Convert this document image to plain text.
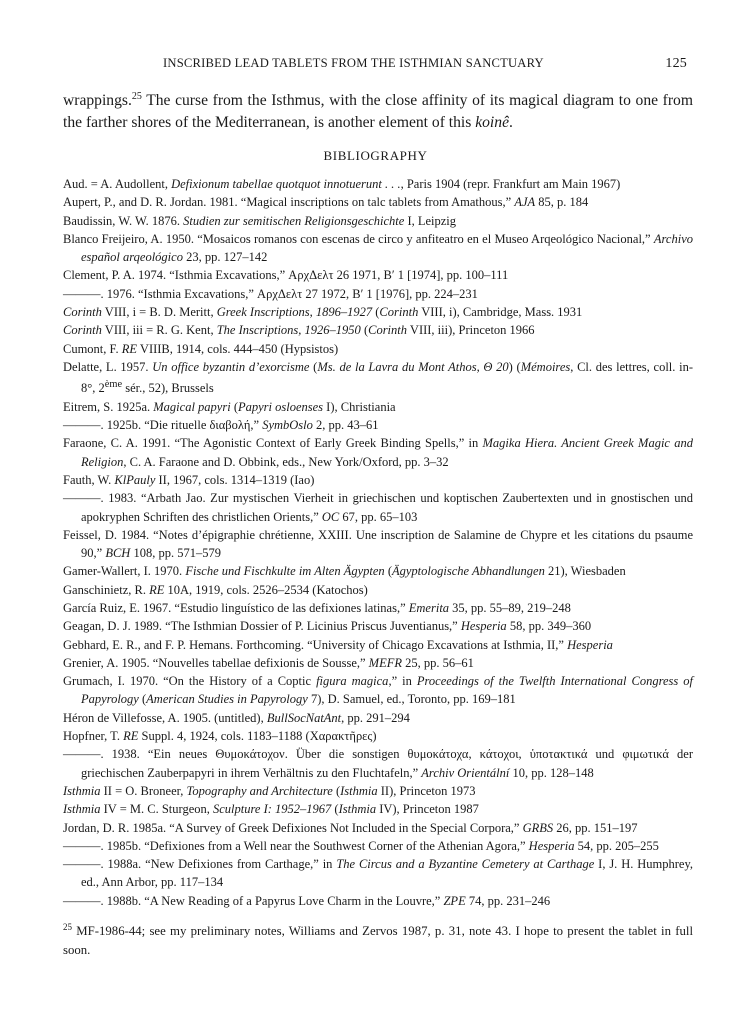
INSCRIBED LEAD TABLETS FROM THE ISTHMIAN SANCTUARY	125

wrappings.$^{25}$ The curse from the Isthmus, with the close affinity of its magical diagram to one from the farther shores of the Mediterranean, is another element of this koinê.

BIBLIOGRAPHY
Aud. = A. Audollent, Defixionum tabellae quotquot innotuerunt . . ., Paris 1904 (repr. Frankfurt am Main 1967)
Aupert, P., and D. R. Jordan. 1981. “Magical inscriptions on talc tablets from Amathous,” AJA 85, p. 184
Baudissin, W. W. 1876. Studien zur semitischen Religionsgeschichte I, Leipzig
Blanco Freijeiro, A. 1950. “Mosaicos romanos con escenas de circo y anfiteatro en el Museo Arqeológico Nacional,” Archivo español arqeológico 23, pp. 127–142
Clement, P. A. 1974. “Isthmia Excavations,” ΑρχΔελτ 26 1971, Β′ 1 [1974], pp. 100–111
———. 1976. “Isthmia Excavations,” ΑρχΔελτ 27 1972, Β′ 1 [1976], pp. 224–231
Corinth VIII, i = B. D. Meritt, Greek Inscriptions, 1896–1927 (Corinth VIII, i), Cambridge, Mass. 1931
Corinth VIII, iii = R. G. Kent, The Inscriptions, 1926–1950 (Corinth VIII, iii), Princeton 1966
Cumont, F. RE VIIIB, 1914, cols. 444–450 (Hypsistos)
Delatte, L. 1957. Un office byzantin d’exorcisme (Ms. de la Lavra du Mont Athos, Θ 20) (Mémoires, Cl. des lettres, coll. in-8°, 2ème sér., 52), Brussels
Eitrem, S. 1925a. Magical papyri (Papyri osloenses I), Christiania
———. 1925b. “Die rituelle διαβολή,” SymbOslo 2, pp. 43–61
Faraone, C. A. 1991. “The Agonistic Context of Early Greek Binding Spells,” in Magika Hiera. Ancient Greek Magic and Religion, C. A. Faraone and D. Obbink, eds., New York/Oxford, pp. 3–32
Fauth, W. KlPauly II, 1967, cols. 1314–1319 (Iao)
———. 1983. “Arbath Jao. Zur mystischen Vierheit in griechischen und koptischen Zaubertexten und in gnostischen und apokryphen Schriften des christlichen Orients,” OC 67, pp. 65–103
Feissel, D. 1984. “Notes d’épigraphie chrétienne, XXIII. Une inscription de Salamine de Chypre et les citations du psaume 90,” BCH 108, pp. 571–579
Gamer-Wallert, I. 1970. Fische und Fischkulte im Alten Ägypten (Ägyptologische Abhandlungen 21), Wiesbaden
Ganschinietz, R. RE 10A, 1919, cols. 2526–2534 (Katochos)
García Ruiz, E. 1967. “Estudio linguístico de las defixiones latinas,” Emerita 35, pp. 55–89, 219–248
Geagan, D. J. 1989. “The Isthmian Dossier of P. Licinius Priscus Juventianus,” Hesperia 58, pp. 349–360
Gebhard, E. R., and F. P. Hemans. Forthcoming. “University of Chicago Excavations at Isthmia, II,” Hesperia
Grenier, A. 1905. “Nouvelles tabellae defixionis de Sousse,” MEFR 25, pp. 56–61
Grumach, I. 1970. “On the History of a Coptic figura magica,” in Proceedings of the Twelfth International Congress of Papyrology (American Studies in Papyrology 7), D. Samuel, ed., Toronto, pp. 169–181
Héron de Villefosse, A. 1905. (untitled), BullSocNatAnt, pp. 291–294
Hopfner, T. RE Suppl. 4, 1924, cols. 1183–1188 (Χαρακτῆρες)
———. 1938. “Ein neues Θυμοκάτοχον. Über die sonstigen θυμοκάτοχα, κάτοχοι, ὑποτακτικά und φιμωτικά der griechischen Zauberpapyri in ihrem Verhältnis zu den Fluchtafeln,” Archiv Orientální 10, pp. 128–148
Isthmia II = O. Broneer, Topography and Architecture (Isthmia II), Princeton 1973
Isthmia IV = M. C. Sturgeon, Sculpture I: 1952–1967 (Isthmia IV), Princeton 1987
Jordan, D. R. 1985a. “A Survey of Greek Defixiones Not Included in the Special Corpora,” GRBS 26, pp. 151–197
———. 1985b. “Defixiones from a Well near the Southwest Corner of the Athenian Agora,” Hesperia 54, pp. 205–255
———. 1988a. “New Defixiones from Carthage,” in The Circus and a Byzantine Cemetery at Carthage I, J. H. Humphrey, ed., Ann Arbor, pp. 117–134
———. 1988b. “A New Reading of a Papyrus Love Charm in the Louvre,” ZPE 74, pp. 231–246

$^{25}$ MF-1986-44; see my preliminary notes, Williams and Zervos 1987, p. 31, note 43. I hope to present the tablet in full soon.
